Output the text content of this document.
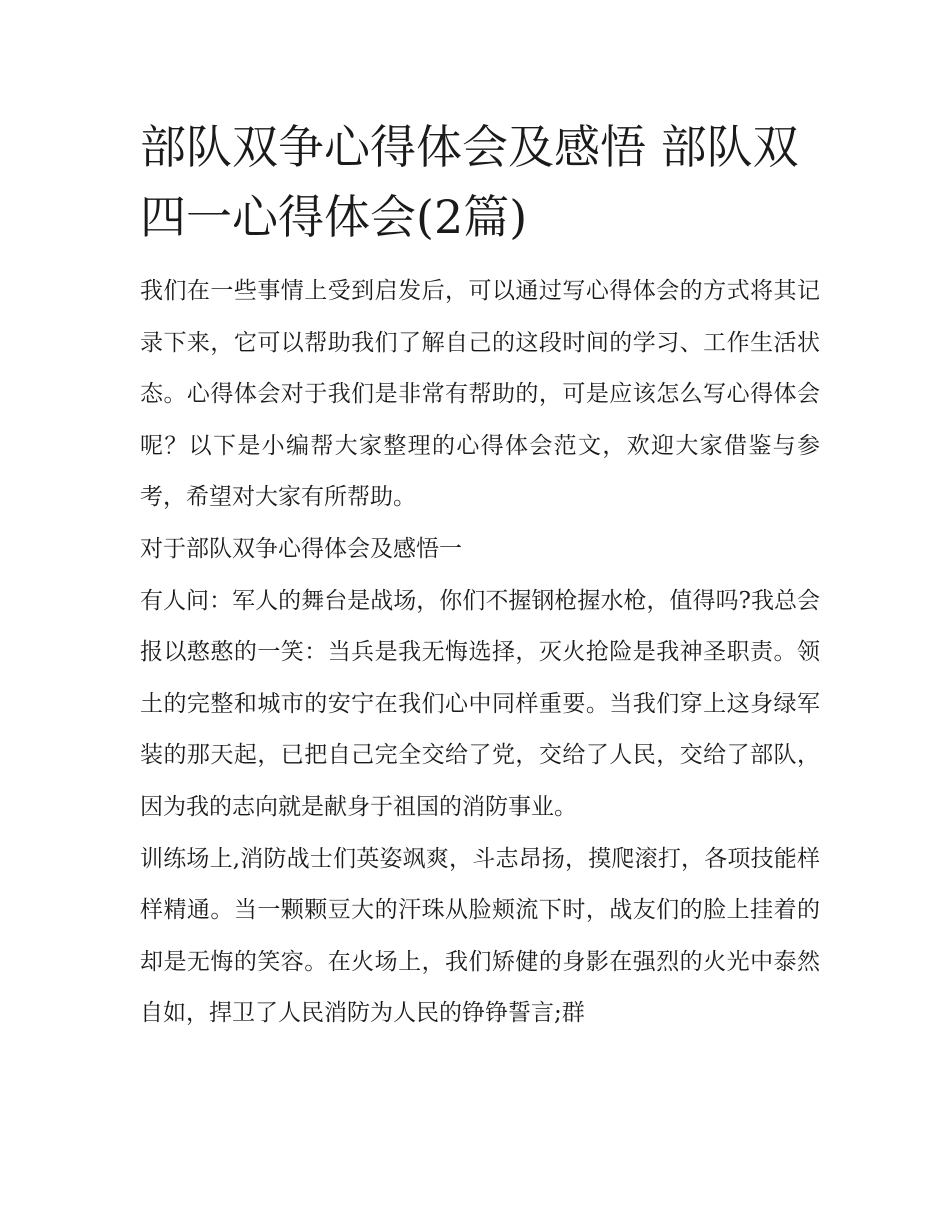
部队双争心得体会及感悟 部队双四一心得体会(2篇)

我们在一些事情上受到启发后，可以通过写心得体会的方式将其记录下来，它可以帮助我们了解自己的这段时间的学习、工作生活状态。心得体会对于我们是非常有帮助的，可是应该怎么写心得体会呢？以下是小编帮大家整理的心得体会范文，欢迎大家借鉴与参考，希望对大家有所帮助。

对于部队双争心得体会及感悟一

有人问：军人的舞台是战场，你们不握钢枪握水枪，值得吗?我总会报以憨憨的一笑：当兵是我无悔选择，灭火抢险是我神圣职责。领土的完整和城市的安宁在我们心中同样重要。当我们穿上这身绿军装的那天起，已把自己完全交给了党，交给了人民，交给了部队，因为我的志向就是献身于祖国的消防事业。

训练场上,消防战士们英姿飒爽，斗志昂扬，摸爬滚打，各项技能样样精通。当一颗颗豆大的汗珠从脸颊流下时，战友们的脸上挂着的却是无悔的笑容。在火场上，我们矫健的身影在强烈的火光中泰然自如，捍卫了人民消防为人民的铮铮誓言;群
